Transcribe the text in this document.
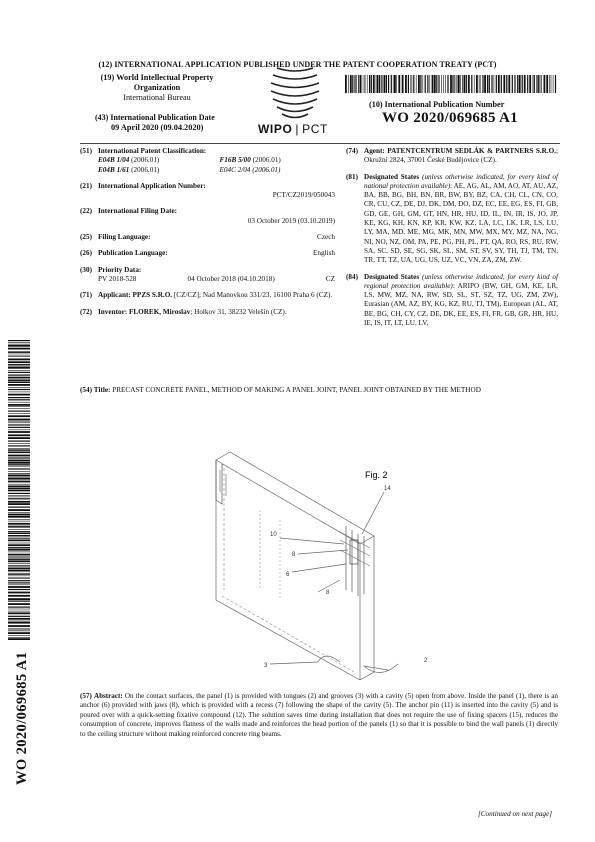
(12) INTERNATIONAL APPLICATION PUBLISHED UNDER THE PATENT COOPERATION TREATY (PCT)
(19) World Intellectual Property
Organization
International Bureau
(43) International Publication Date
09 April 2020 (09.04.2020)	WIPO | PCT
(10) International Publication Number
WO 2020/069685 A1
(51) International Patent Classification:
E04B 1/04 (2006.01)	F16B 5/00 (2006.01)
E04B 1/61 (2006.01)	E04C 2/04 (2006.01)
(21) International Application Number:
PCT/CZ2019/050043
(22) International Filing Date:
03 October 2019 (03.10.2019)
(25) Filing Language:	Czech
(26) Publication Language:	English
(30) Priority Data:
PV 2018-528	04 October 2018 (04.10.2018)	CZ
(71) Applicant: PPZS S.R.O. [CZ/CZ]; Nad Manovkou 331/23, 16100 Praha 6 (CZ).
(72) Inventor: FLOREK, Miroslav; Holkov 31, 38232 Velešín (CZ).
(74) Agent: PATENTCENTRUM SEDLÁK & PARTNERS S.R.O.; Okružní 2824, 37001 České Budějovice (CZ).
(81) Designated States (unless otherwise indicated, for every kind of national protection available): AE, AG, AL, AM, AO, AT, AU, AZ, BA, BB, BG, BH, BN, BR, BW, BY, BZ, CA, CH, CL, CN, CO, CR, CU, CZ, DE, DJ, DK, DM, DO, DZ, EC, EE, EG, ES, FI, GB, GD, GE, GH, GM, GT, HN, HR, HU, ID, IL, IN, IR, IS, JO, JP, KE, KG, KH, KN, KP, KR, KW, KZ, LA, LC, LK, LR, LS, LU, LY, MA, MD, ME, MG, MK, MN, MW, MX, MY, MZ, NA, NG, NI, NO, NZ, OM, PA, PE, PG, PH, PL, PT, QA, RO, RS, RU, RW, SA, SC, SD, SE, SG, SK, SL, SM, ST, SV, SY, TH, TJ, TM, TN, TR, TT, TZ, UA, UG, US, UZ, VC, VN, ZA, ZM, ZW.
(84) Designated States (unless otherwise indicated, for every kind of regional protection available): ARIPO (BW, GH, GM, KE, LR, LS, MW, MZ, NA, RW, SD, SL, ST, SZ, TZ, UG, ZM, ZW), Eurasian (AM, AZ, BY, KG, KZ, RU, TJ, TM), European (AL, AT, BE, BG, CH, CY, CZ, DE, DK, EE, ES, FI, FR, GB, GR, HR, HU, IE, IS, IT, LT, LU, LV,
WO 2020/069685 A1
(54) Title: PRECAST CONCRETE PANEL, METHOD OF MAKING A PANEL JOINT, PANEL JOINT OBTAINED BY THE METHOD
Fig. 2
14
10
8
6
8
3
2
(57) Abstract: On the contact surfaces, the panel (1) is provided with tongues (2) and grooves (3) with a cavity (5) open from above. Inside the panel (1), there is an anchor (6) provided with jaws (8), which is provided with a recess (7) following the shape of the cavity (5). The anchor pin (11) is inserted into the cavity (5) and is poured over with a quick-setting fixative compound (12). The solution saves time during installation that does not require the use of fixing spacers (15), reduces the consumption of concrete, improves flatness of the walls made and reinforces the head portion of the panels (1) so that it is possible to bind the wall panels (1) directly to the ceiling structure without making reinforced concrete ring beams.
[Continued on next page]
